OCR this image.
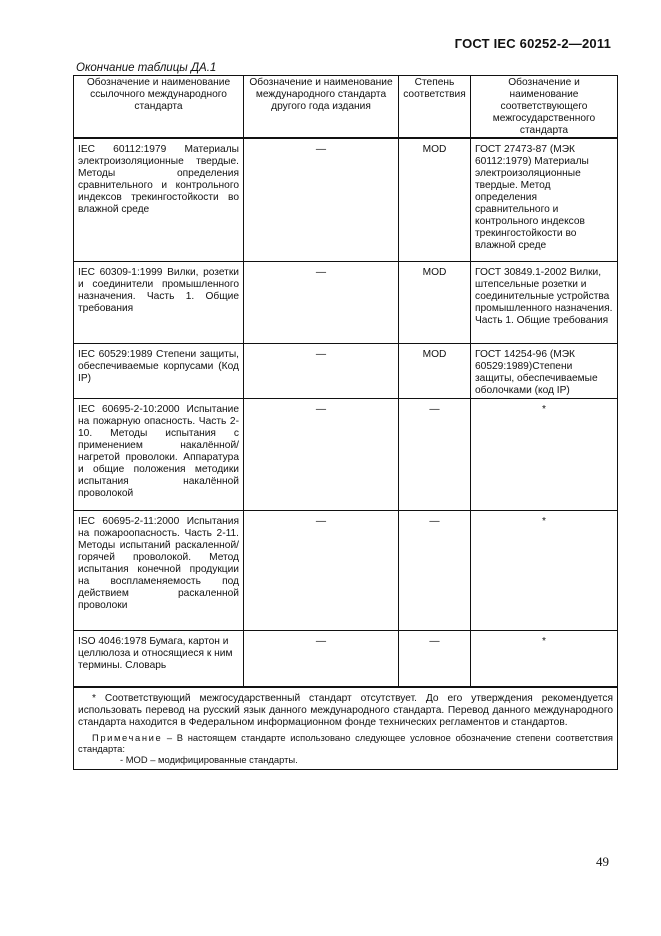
ГОСТ IEC 60252-2—2011
Окончание таблицы ДА.1
Обозначение и наименование ссылочного международного стандарта	Обозначение и наименование международного стандарта другого года издания	Степень соответствия	Обозначение и наименование соответствующего межгосударственного стандарта
IEC 60112:1979 Материалы электроизоляционные твердые. Методы определения сравнительного и контрольного индексов трекингостойкости во влажной среде	—	MOD	ГОСТ 27473-87 (МЭК 60112:1979) Материалы электроизоляционные твердые. Метод определения сравнительного и контрольного индексов трекингостойкости во влажной среде
IEC 60309-1:1999 Вилки, розетки и соединители промышленного назначения. Часть 1. Общие требования	—	MOD	ГОСТ 30849.1-2002 Вилки, штепсельные розетки и соединительные устройства промышленного назначения. Часть 1. Общие требования
IEC 60529:1989 Степени защиты, обеспечиваемые корпусами (Код IP)	—	MOD	ГОСТ 14254-96 (МЭК 60529:1989)Степени защиты, обеспечиваемые оболочками (код IP)
IEC 60695-2-10:2000 Испытание на пожарную опасность. Часть 2-10. Методы испытания с применением накалённой/нагретой проволоки. Аппаратура и общие положения методики испытания накалённой проволокой	—	—	*
IEC 60695-2-11:2000 Испытания на пожароопасность. Часть 2-11. Методы испытаний раскаленной/горячей проволокой. Метод испытания конечной продукции на воспламеняемость под действием раскаленной проволоки	—	—	*
ISO 4046:1978 Бумага, картон и целлюлоза и относящиеся к ним термины. Словарь	—	—	*

* Соответствующий межгосударственный стандарт отсутствует. До его утверждения рекомендуется использовать перевод на русский язык данного международного стандарта. Перевод данного международного стандарта находится в Федеральном информационном фонде технических регламентов и стандартов.
Примечание – В настоящем стандарте использовано следующее условное обозначение степени соответствия стандарта:
- MOD – модифицированные стандарты.			
49
